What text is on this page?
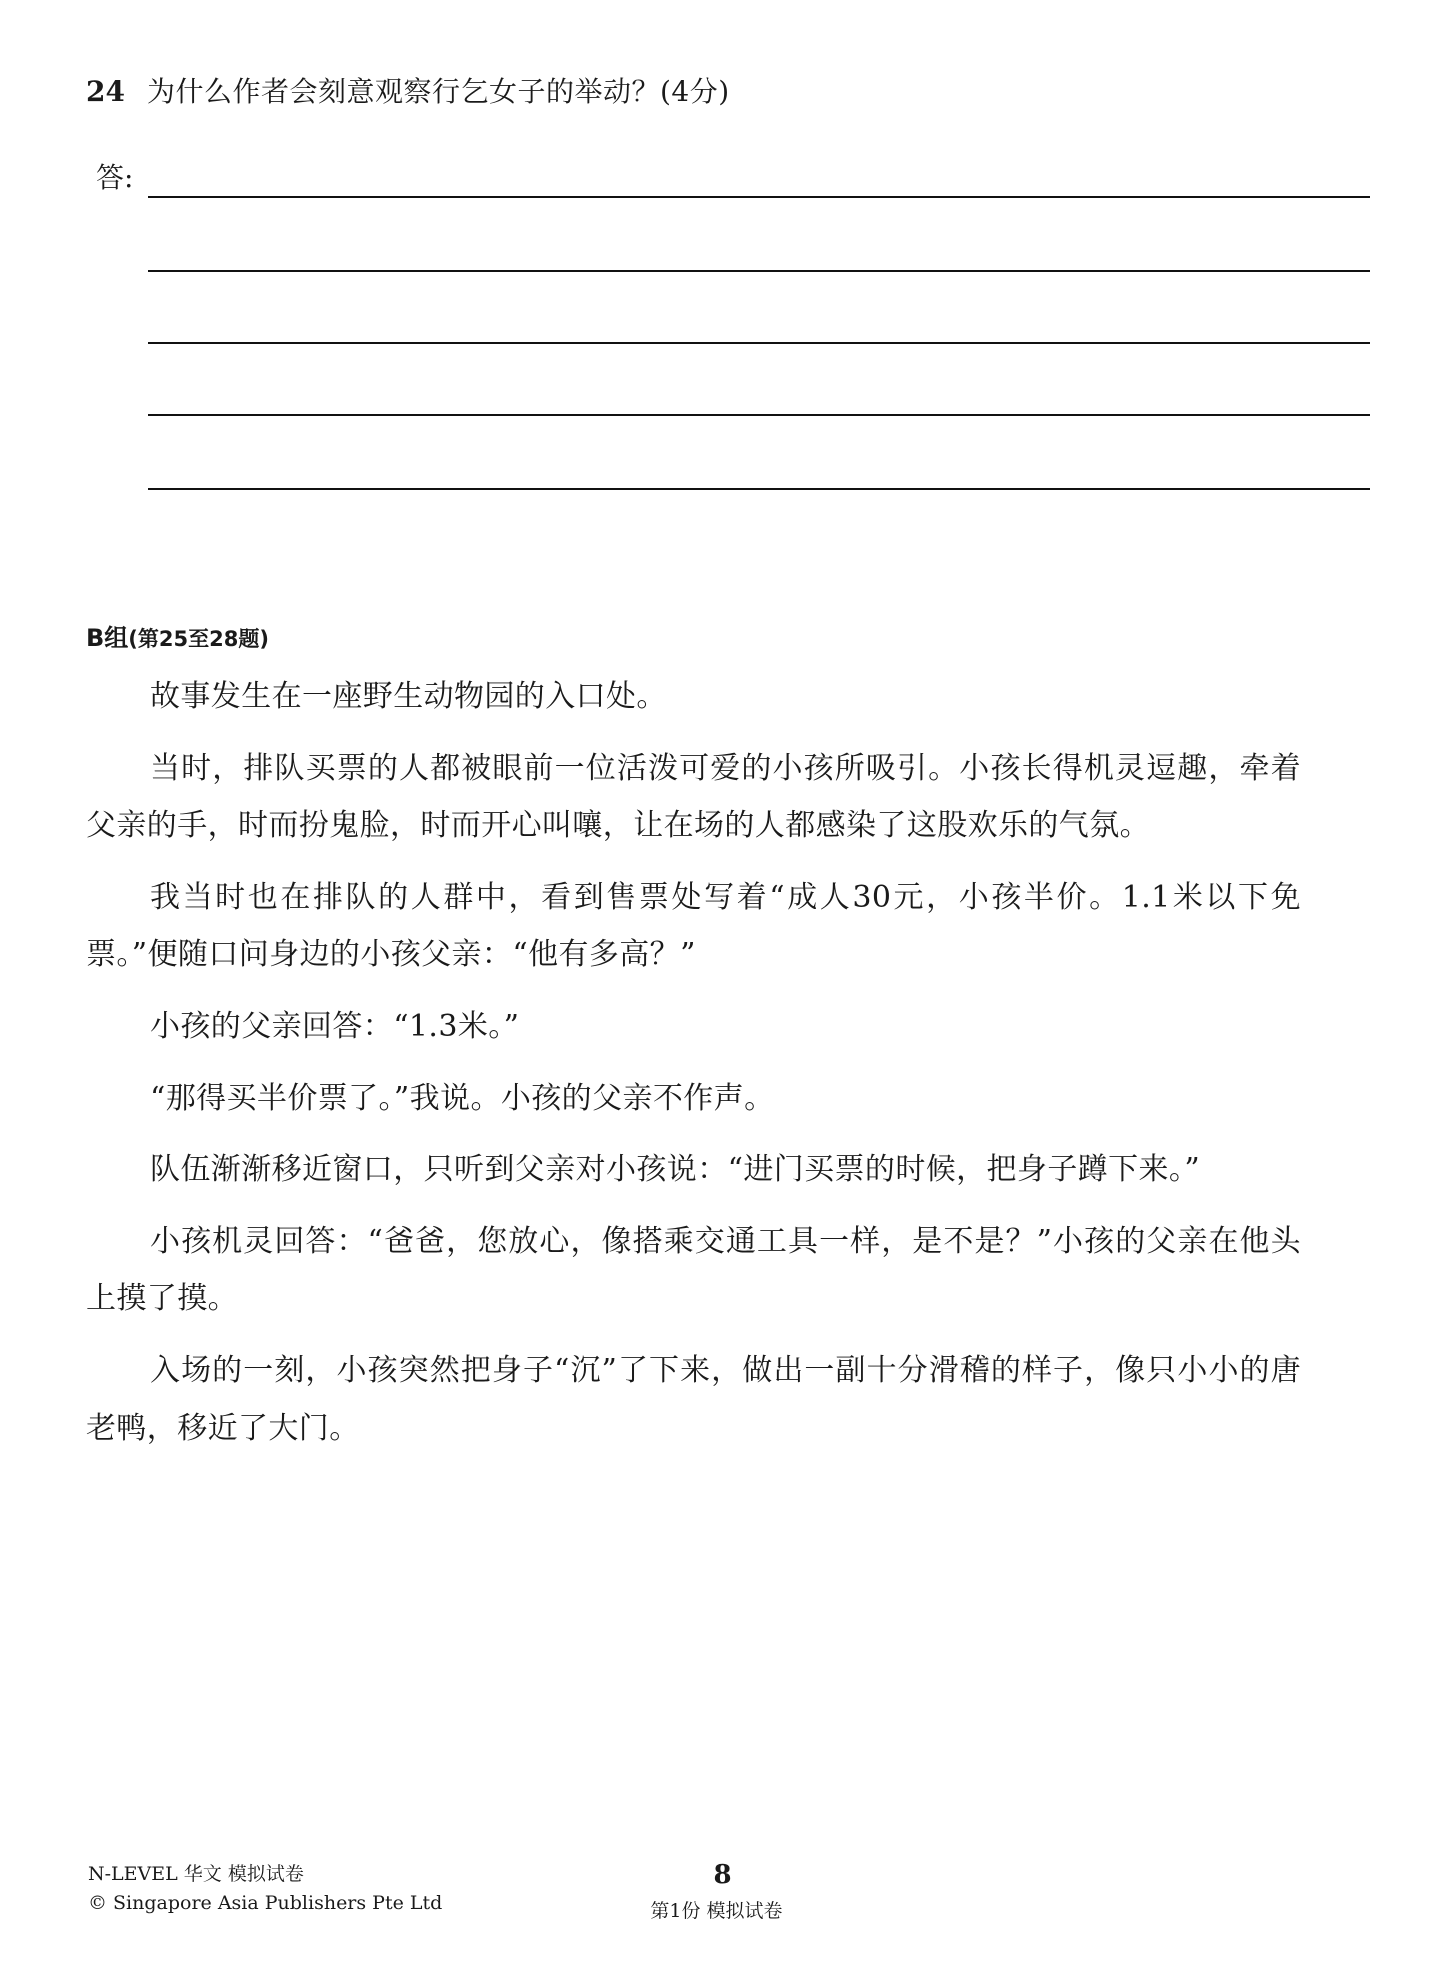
24 为什么作者会刻意观察行乞女子的举动？(4分)
答:
B组(第25至28题)

故事发生在一座野生动物园的入口处。

当时，排队买票的人都被眼前一位活泼可爱的小孩所吸引。小孩长得机灵逗趣，牵着父亲的手，时而扮鬼脸，时而开心叫嚷，让在场的人都感染了这股欢乐的气氛。

我当时也在排队的人群中，看到售票处写着“成人30元，小孩半价。1.1米以下免票。”便随口问身边的小孩父亲：“他有多高？”

小孩的父亲回答：“1.3米。”

“那得买半价票了。”我说。小孩的父亲不作声。

队伍渐渐移近窗口，只听到父亲对小孩说：“进门买票的时候，把身子蹲下来。”

小孩机灵回答：“爸爸，您放心，像搭乘交通工具一样，是不是？”小孩的父亲在他头上摸了摸。

入场的一刻，小孩突然把身子“沉”了下来，做出一副十分滑稽的样子，像只小小的唐老鸭，移近了大门。

N-LEVEL 华文 模拟试卷
© Singapore Asia Publishers Pte Ltd
8
第1份 模拟试卷
